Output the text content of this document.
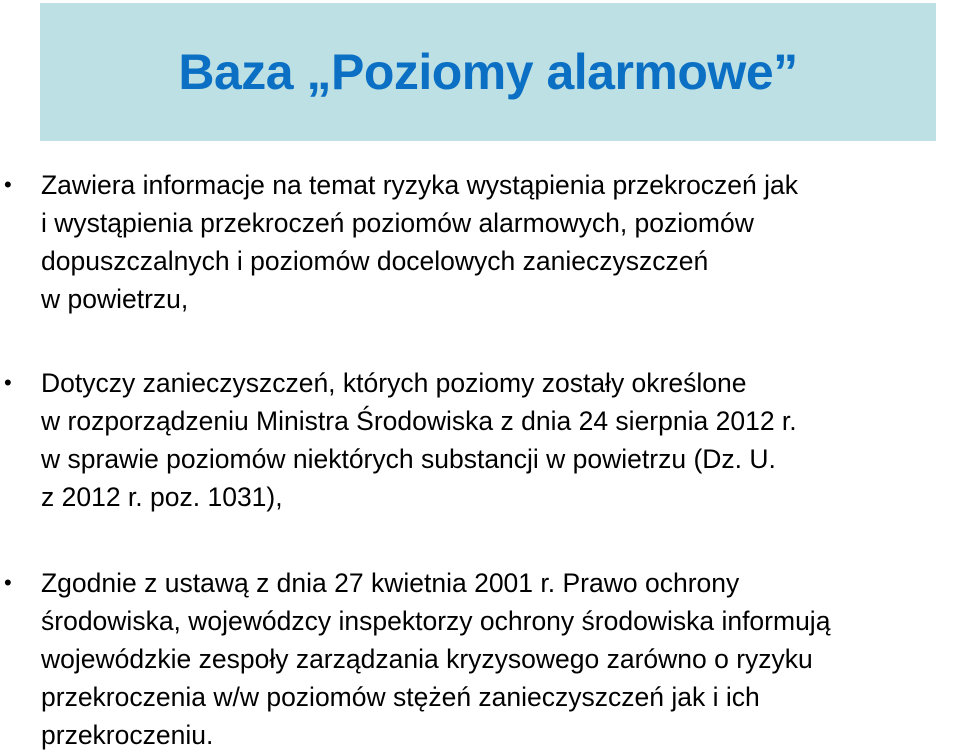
Baza „Poziomy alarmowe”
• Zawiera informacje na temat ryzyka wystąpienia przekroczeń jak
i wystąpienia przekroczeń poziomów alarmowych, poziomów
dopuszczalnych i poziomów docelowych zanieczyszczeń
w powietrzu,
• Dotyczy zanieczyszczeń, których poziomy zostały określone
w rozporządzeniu Ministra Środowiska z dnia 24 sierpnia 2012 r.
w sprawie poziomów niektórych substancji w powietrzu (Dz. U.
z 2012 r. poz. 1031),
• Zgodnie z ustawą z dnia 27 kwietnia 2001 r. Prawo ochrony
środowiska, wojewódzcy inspektorzy ochrony środowiska informują
wojewódzkie zespoły zarządzania kryzysowego zarówno o ryzyku
przekroczenia w/w poziomów stężeń zanieczyszczeń jak i ich
przekroczeniu.
